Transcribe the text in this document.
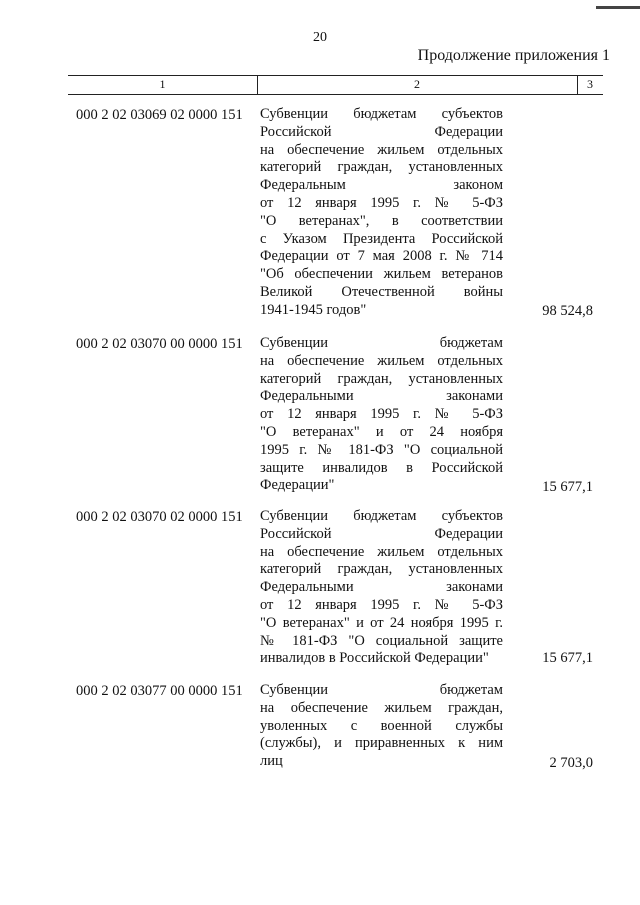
20
Продолжение приложения 1
1	2	3
000 2 02 03069 02 0000 151 Субвенции бюджетам субъектов
Российской Федерации
на обеспечение жильем отдельных
категорий граждан, установленных
Федеральным законом
от 12 января 1995 г. № 5-ФЗ
"О ветеранах", в соответствии
с Указом Президента Российской
Федерации от 7 мая 2008 г. № 714
"Об обеспечении жильем ветеранов
Великой Отечественной войны
1941-1945 годов"	98 524,8
000 2 02 03070 00 0000 151 Субвенции бюджетам
на обеспечение жильем отдельных
категорий граждан, установленных
Федеральными законами
от 12 января 1995 г. № 5-ФЗ
"О ветеранах" и от 24 ноября
1995 г. № 181-ФЗ "О социальной
защите инвалидов в Российской
Федерации"	15 677,1
000 2 02 03070 02 0000 151 Субвенции бюджетам субъектов
Российской Федерации
на обеспечение жильем отдельных
категорий граждан, установленных
Федеральными законами
от 12 января 1995 г. № 5-ФЗ
"О ветеранах" и от 24 ноября 1995 г.
№ 181-ФЗ "О социальной защите
инвалидов в Российской Федерации"	15 677,1
000 2 02 03077 00 0000 151 Субвенции бюджетам
на обеспечение жильем граждан,
уволенных с военной службы
(службы), и приравненных к ним
лиц	2 703,0
